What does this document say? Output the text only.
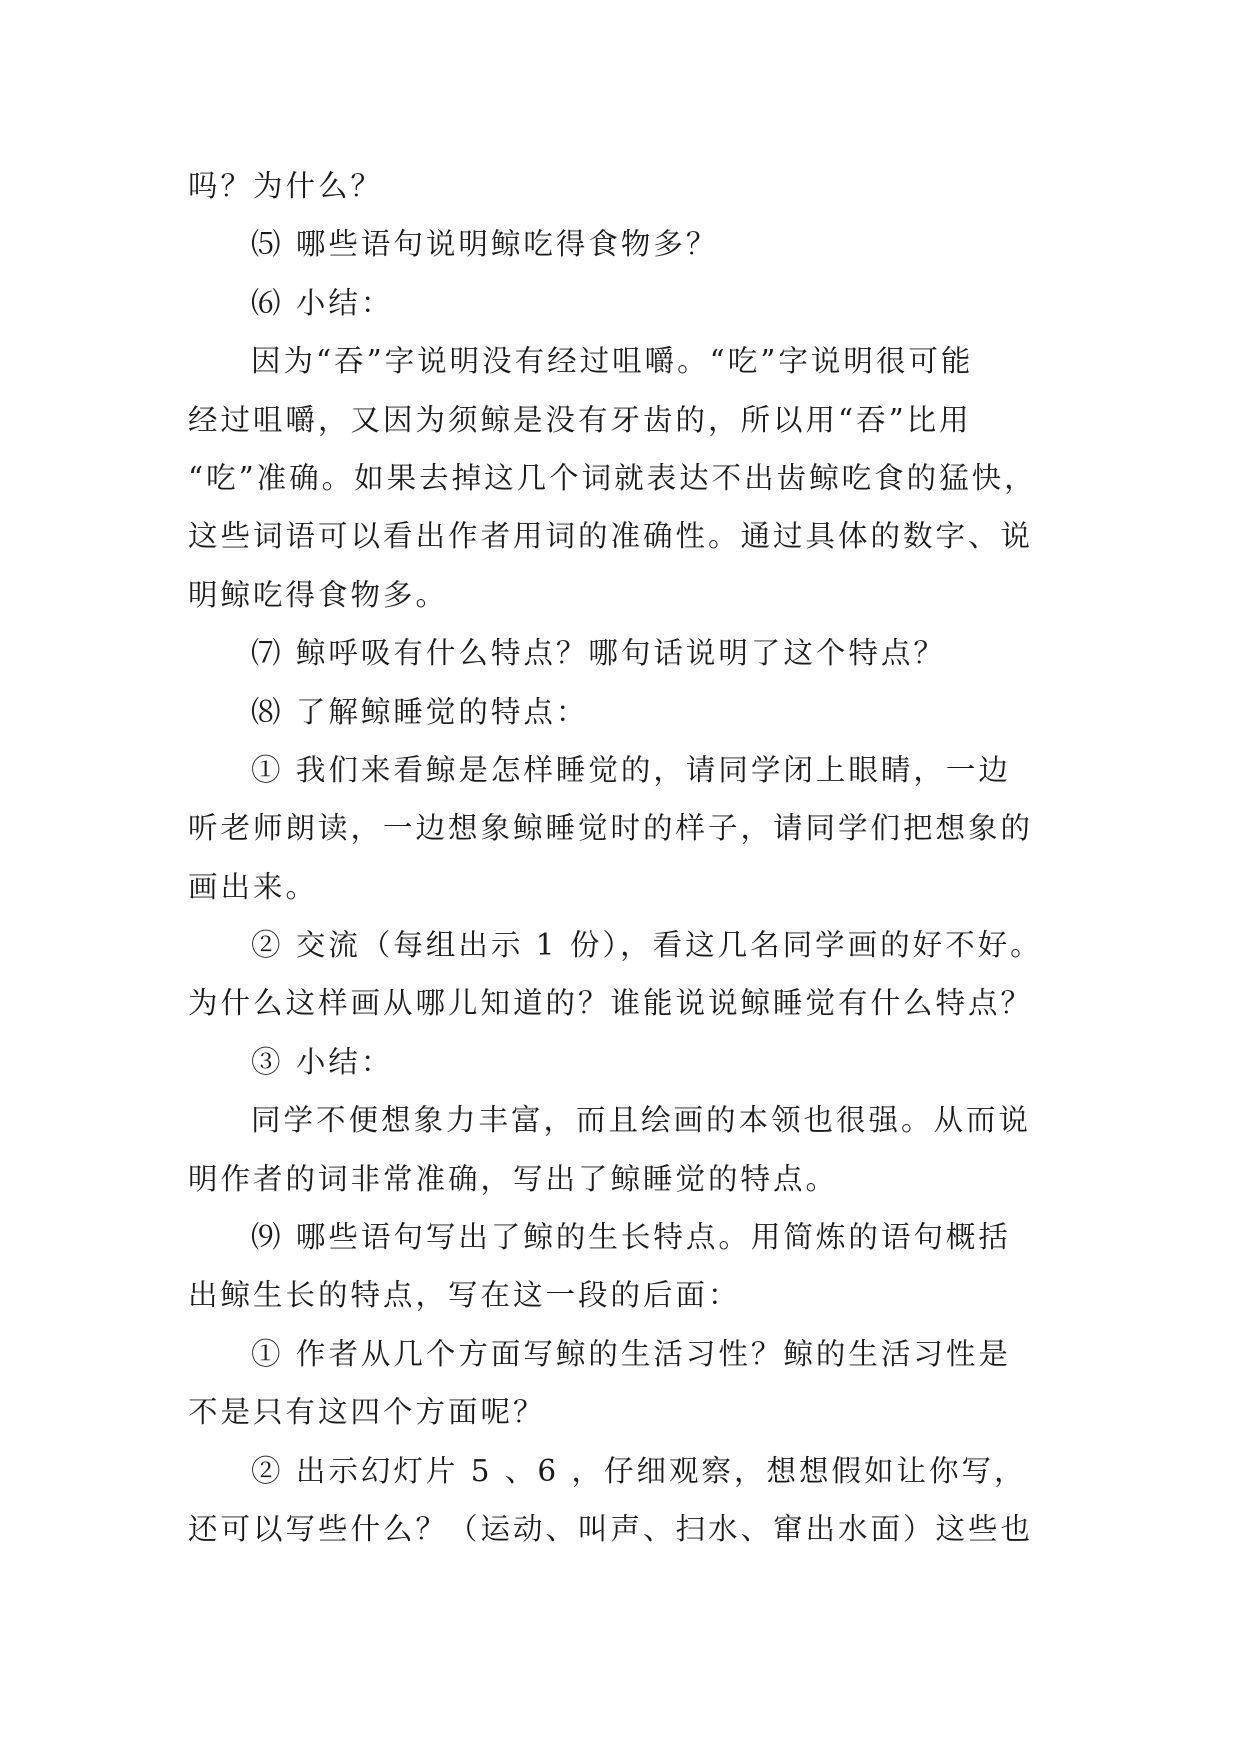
吗？为什么？
⑸ 哪些语句说明鲸吃得食物多？
⑹ 小结：
因为“吞”字说明没有经过咀嚼。“吃”字说明很可能
经过咀嚼，又因为须鲸是没有牙齿的，所以用“吞”比用
“吃”准确。如果去掉这几个词就表达不出齿鲸吃食的猛快，
这些词语可以看出作者用词的准确性。通过具体的数字、说
明鲸吃得食物多。
⑺ 鲸呼吸有什么特点？哪句话说明了这个特点？
⑻ 了解鲸睡觉的特点：
① 我们来看鲸是怎样睡觉的，请同学闭上眼睛，一边
听老师朗读，一边想象鲸睡觉时的样子，请同学们把想象的
画出来。
② 交流（每组出示 1 份），看这几名同学画的好不好。
为什么这样画从哪儿知道的？谁能说说鲸睡觉有什么特点？
③ 小结：
同学不便想象力丰富，而且绘画的本领也很强。从而说
明作者的词非常准确，写出了鲸睡觉的特点。
⑼ 哪些语句写出了鲸的生长特点。用简炼的语句概括
出鲸生长的特点，写在这一段的后面：
① 作者从几个方面写鲸的生活习性？鲸的生活习性是
不是只有这四个方面呢？
② 出示幻灯片 5 、6 ，仔细观察，想想假如让你写，
还可以写些什么？（运动、叫声、扫水、窜出水面）这些也
